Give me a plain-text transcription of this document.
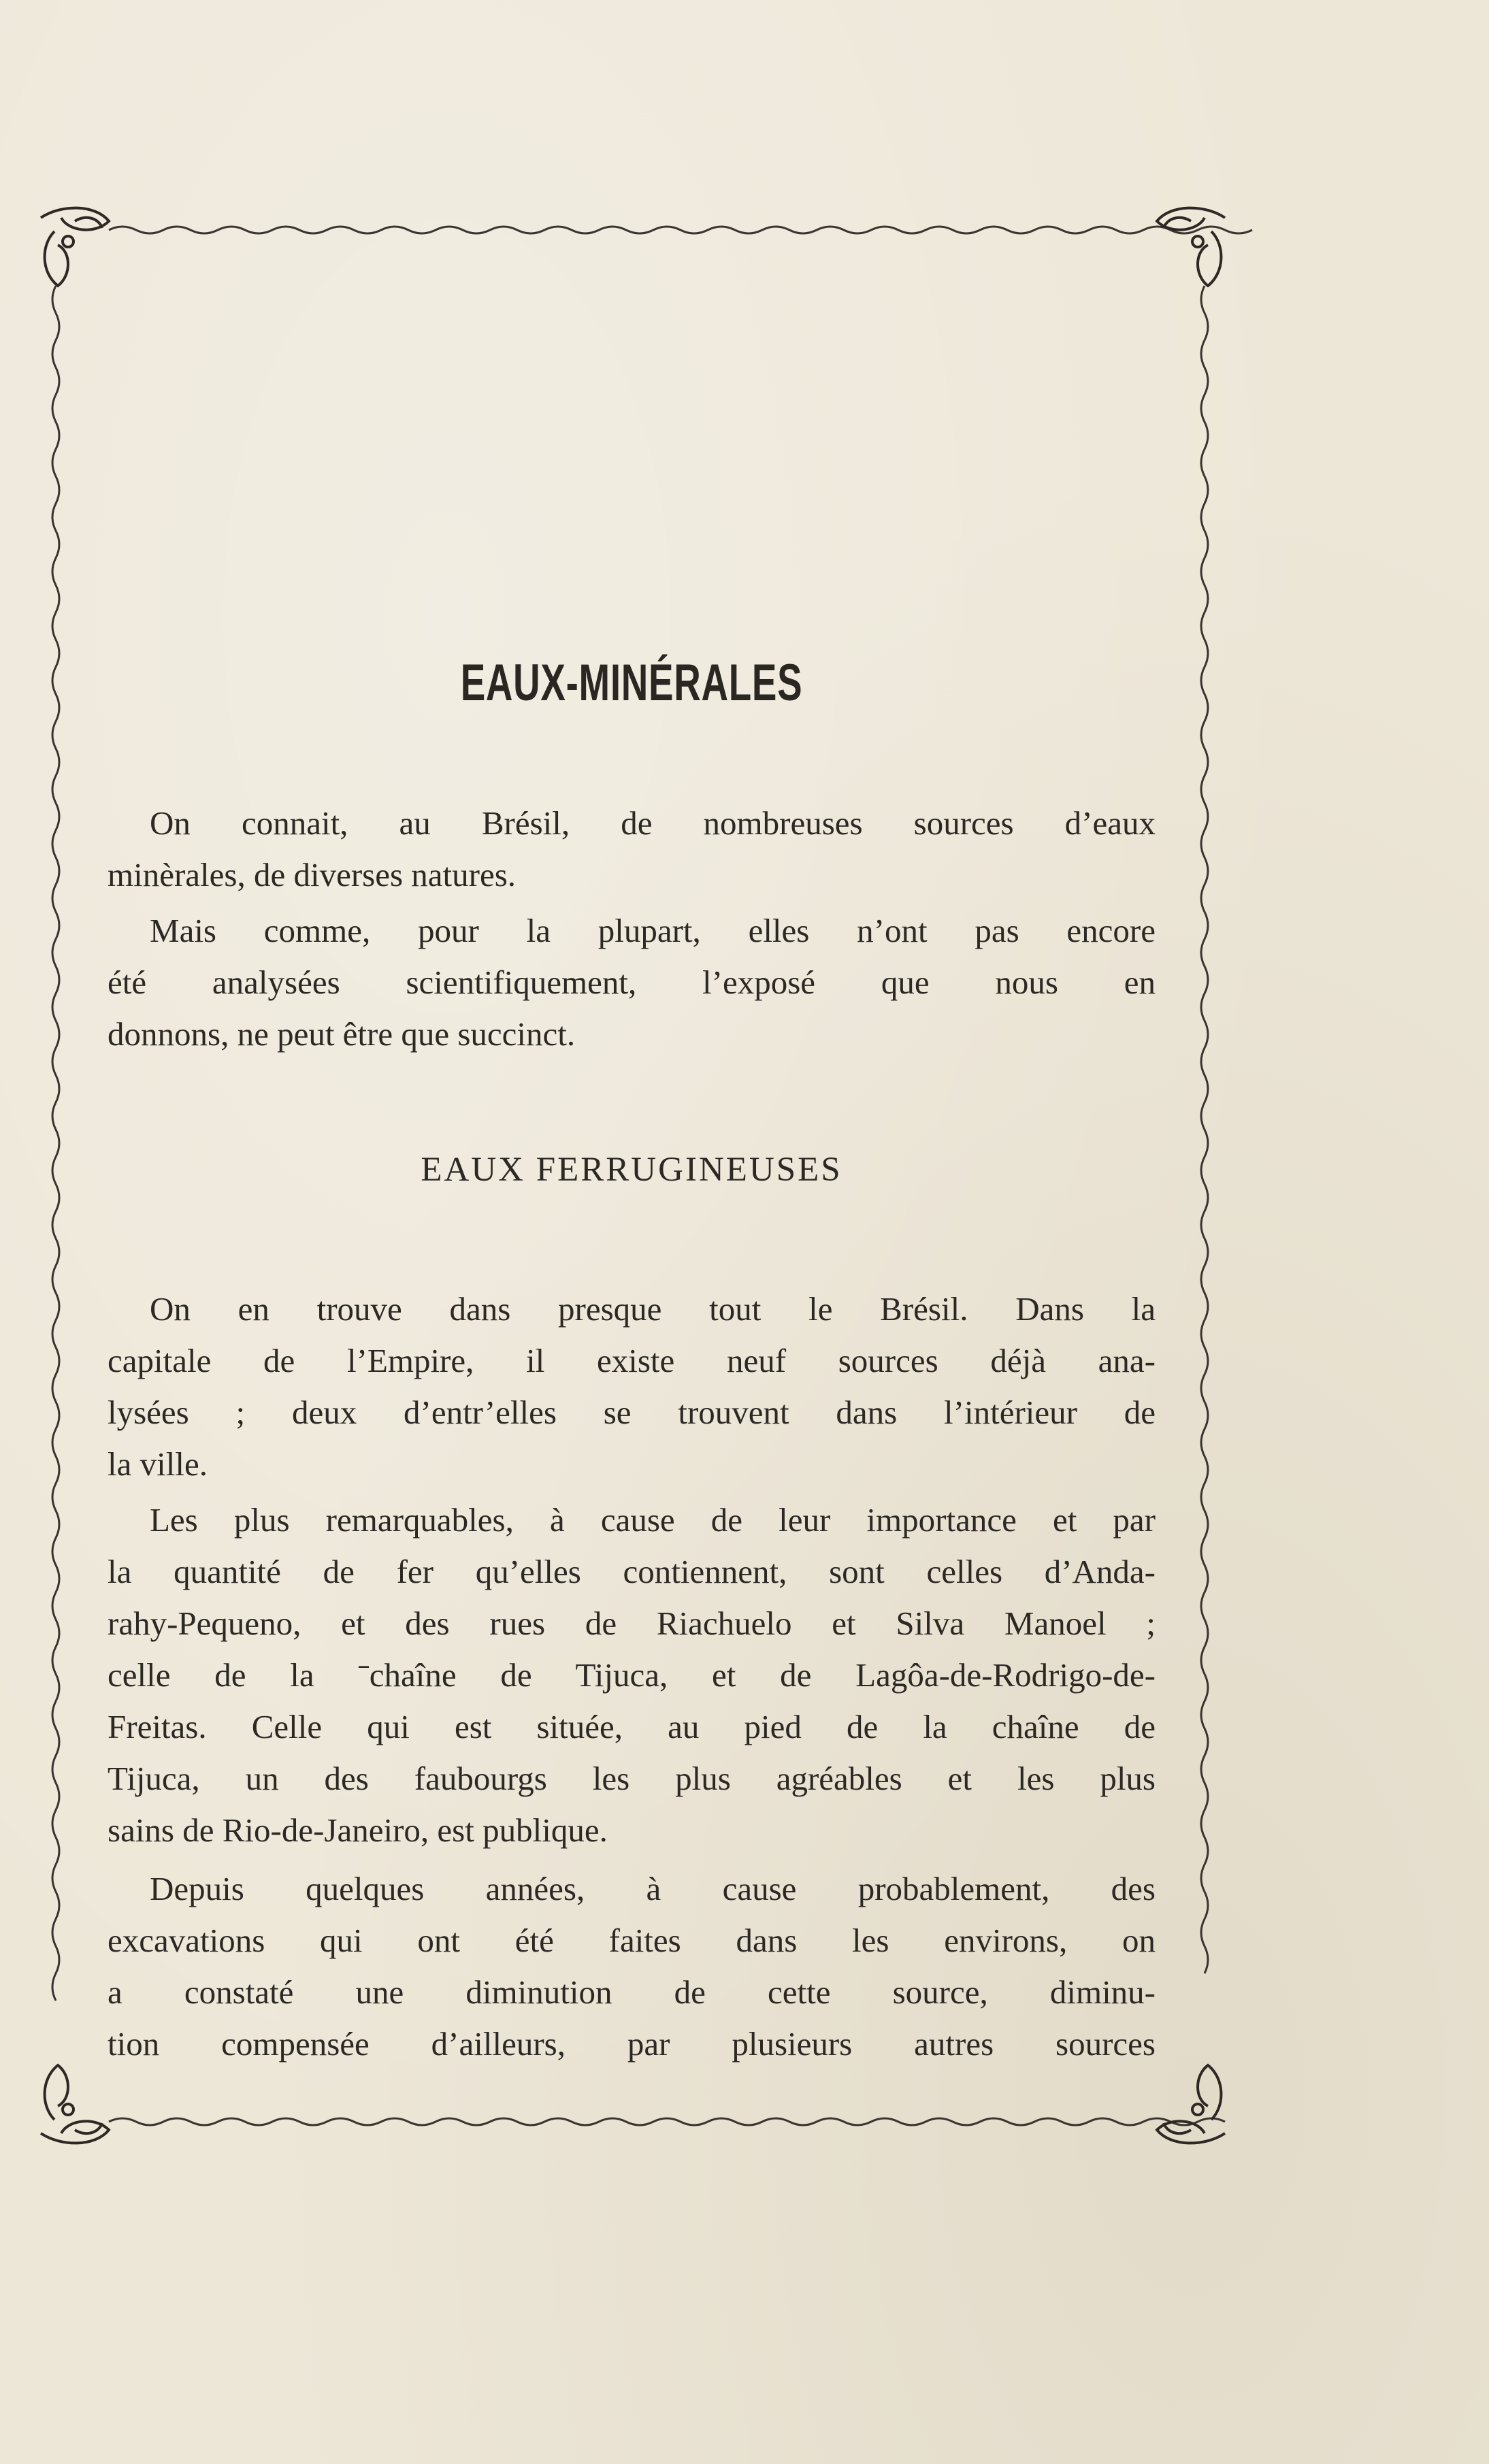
EAUX-MINÉRALES
On connait, au Brésil, de nombreuses sources d’eaux
minèrales, de diverses natures.
Mais comme, pour la plupart, elles n’ont pas encore
été analysées scientifiquement, l’exposé que nous en
donnons, ne peut être que succinct.
EAUX FERRUGINEUSES
On en trouve dans presque tout le Brésil. Dans la
capitale de l’Empire, il existe neuf sources déjà ana-
lysées ; deux d’entr’elles se trouvent dans l’intérieur de
la ville.
Les plus remarquables, à cause de leur importance et par
la quantité de fer qu’elles contiennent, sont celles d’Anda-
rahy-Pequeno, et des rues de Riachuelo et Silva Manoel ;
celle de la ˉchaîne de Tijuca, et de Lagôa-de-Rodrigo-de-
Freitas. Celle qui est située, au pied de la chaîne de
Tijuca, un des faubourgs les plus agréables et les plus
sains de Rio-de-Janeiro, est publique.
Depuis quelques années, à cause probablement, des
excavations qui ont été faites dans les environs, on
a constaté une diminution de cette source, diminu-
tion compensée d’ailleurs, par plusieurs autres sources
